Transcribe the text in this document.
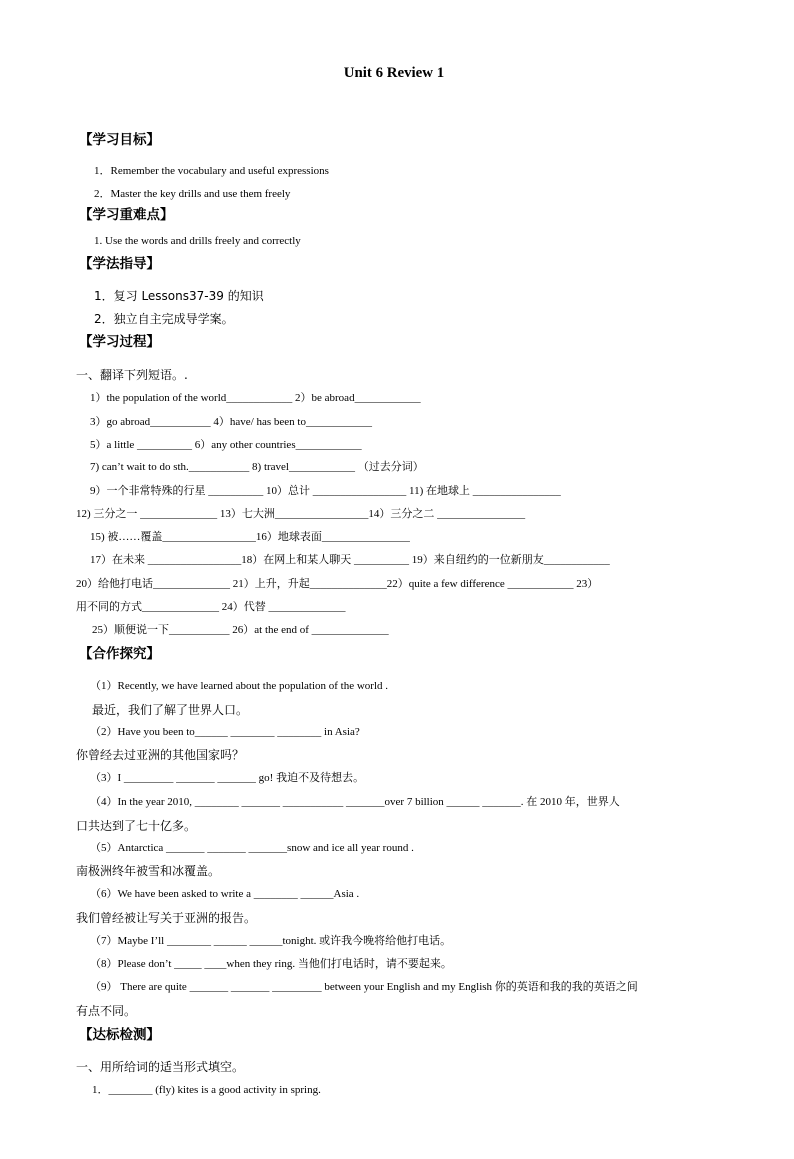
Unit 6 Review 1
【学习目标】
1．Remember the vocabulary and useful expressions
2．Master the key drills and use them freely
【学习重难点】
1. Use the words and drills freely and correctly
【学法指导】
1．复习 Lessons37-39 的知识
2．独立自主完成导学案。
【学习过程】
一、翻译下列短语。.
1）the population of the world____________ 2）be abroad____________
3）go abroad___________ 4）have/ has been to____________
5）a little __________ 6）any other countries____________
7) can’t wait to do sth.___________ 8) travel____________ （过去分词）
9）一个非常特殊的行星 __________ 10）总计 _________________ 11) 在地球上 ________________
12) 三分之一 ______________ 13）七大洲_________________14）三分之二 ________________
15) 被……覆盖_________________16）地球表面________________
17）在未来 _________________18）在网上和某人聊天 __________ 19）来自纽约的一位新朋友____________
20）给他打电话______________ 21）上升，升起______________22）quite a few difference ____________ 23）
用不同的方式______________ 24）代替 ______________
25）顺便说一下___________ 26）at the end of ______________
【合作探究】
（1）Recently, we have learned about the population of the world .
最近，我们了解了世界人口。
（2）Have you been to______ ________ ________ in Asia?
你曾经去过亚洲的其他国家吗？
（3）I _________ _______ _______ go! 我迫不及待想去。
（4）In the year 2010, ________ _______ ___________ _______over 7 billion ______ _______. 在 2010 年，世界人
口共达到了七十亿多。
（5）Antarctica _______ _______ _______snow and ice all year round .
南极洲终年被雪和冰覆盖。
（6）We have been asked to write a ________ ______Asia .
我们曾经被让写关于亚洲的报告。
（7）Maybe I’ll ________ ______ ______tonight. 或许我今晚将给他打电话。
（8）Please don’t _____ ____when they ring. 当他们打电话时，请不要起来。
（9） There are quite _______ _______ _________ between your English and my English 你的英语和我的我的英语之间
有点不同。
【达标检测】
一、用所给词的适当形式填空。
1．________ (fly) kites is a good activity in spring.
